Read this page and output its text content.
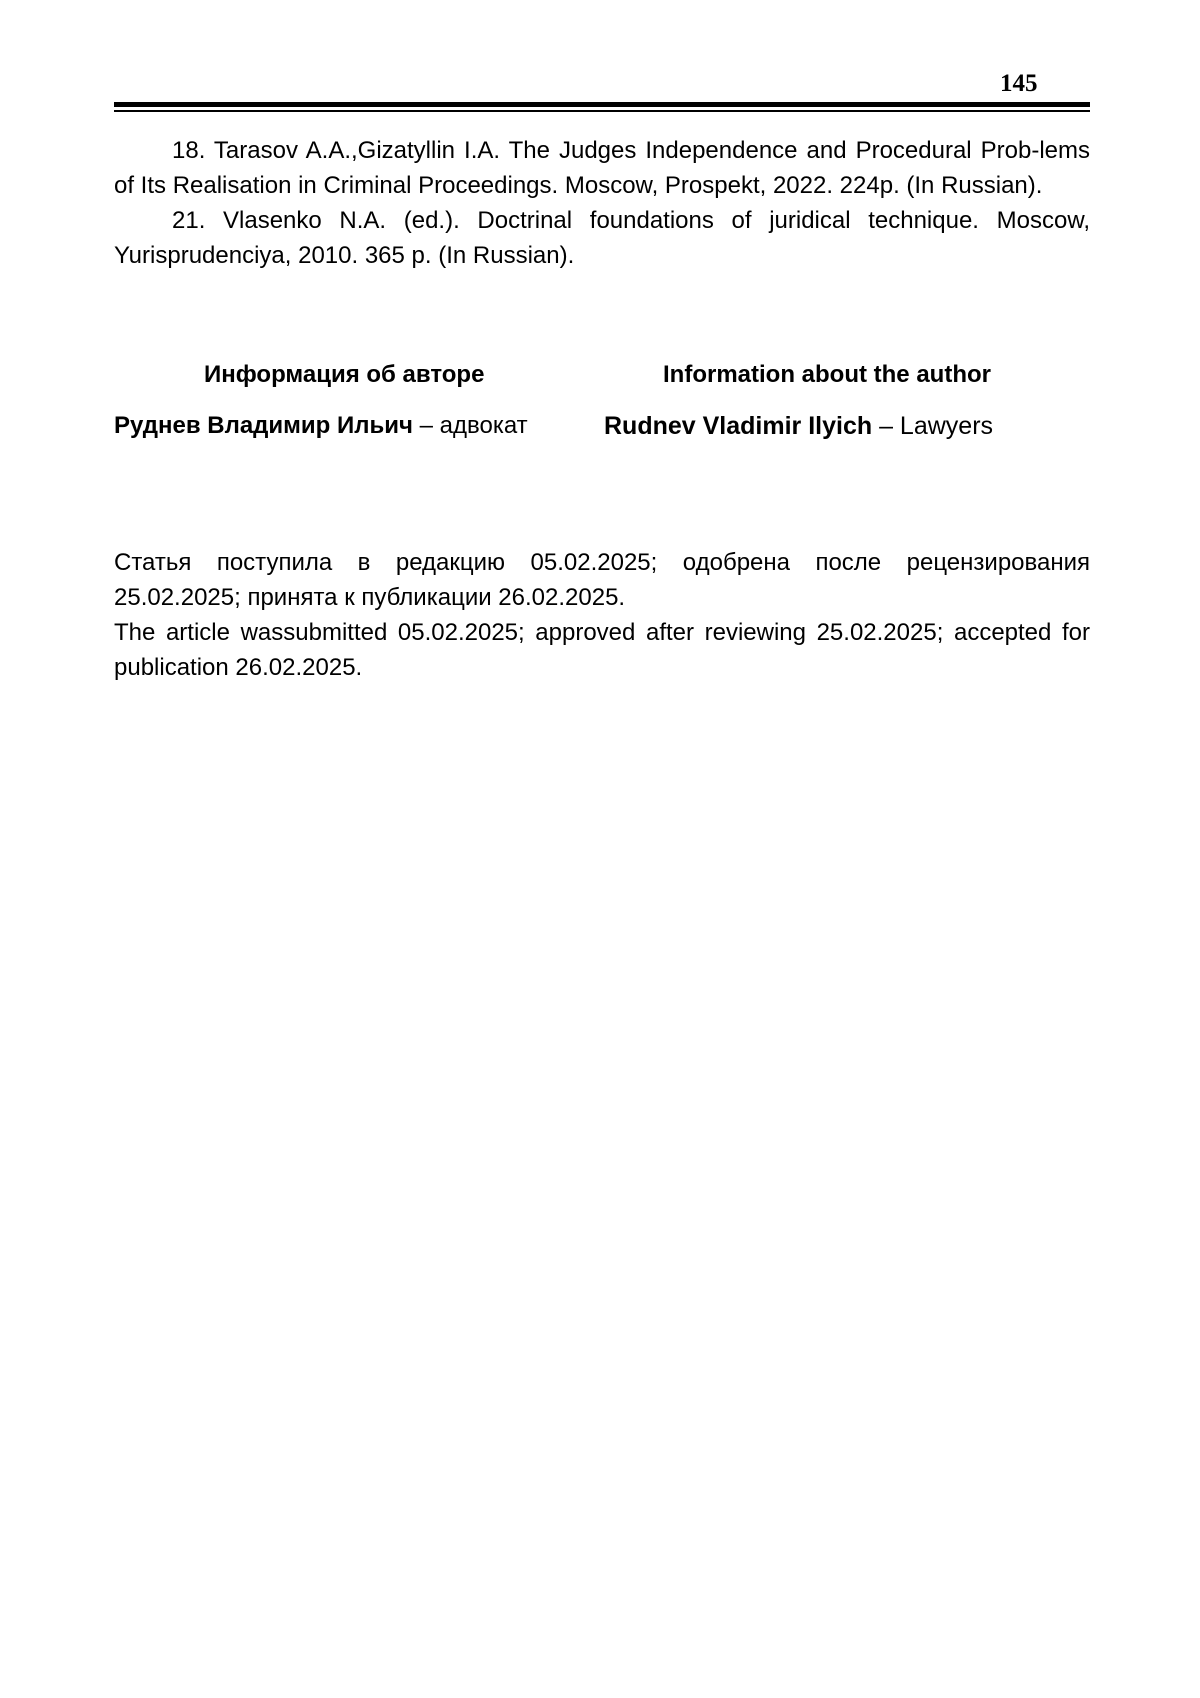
145

18. Tarasov A.A.,Gizatyllin I.A. The Judges Independence and Procedural Prob-lems of Its Realisation in Criminal Proceedings. Moscow, Prospekt, 2022. 224p. (In Russian).

21. Vlasenko N.A. (ed.). Doctrinal foundations of juridical technique. Moscow, Yurisprudenciya, 2010. 365 p. (In Russian).

Информация об авторе	Information about the author
Руднев Владимир Ильич – адвокат	Rudnev Vladimir Ilyich – Lawyers

Статья поступила в редакцию 05.02.2025; одобрена после рецензирования 25.02.2025; принята к публикации 26.02.2025.

The article wassubmitted 05.02.2025; approved after reviewing 25.02.2025; accepted for publication 26.02.2025.
